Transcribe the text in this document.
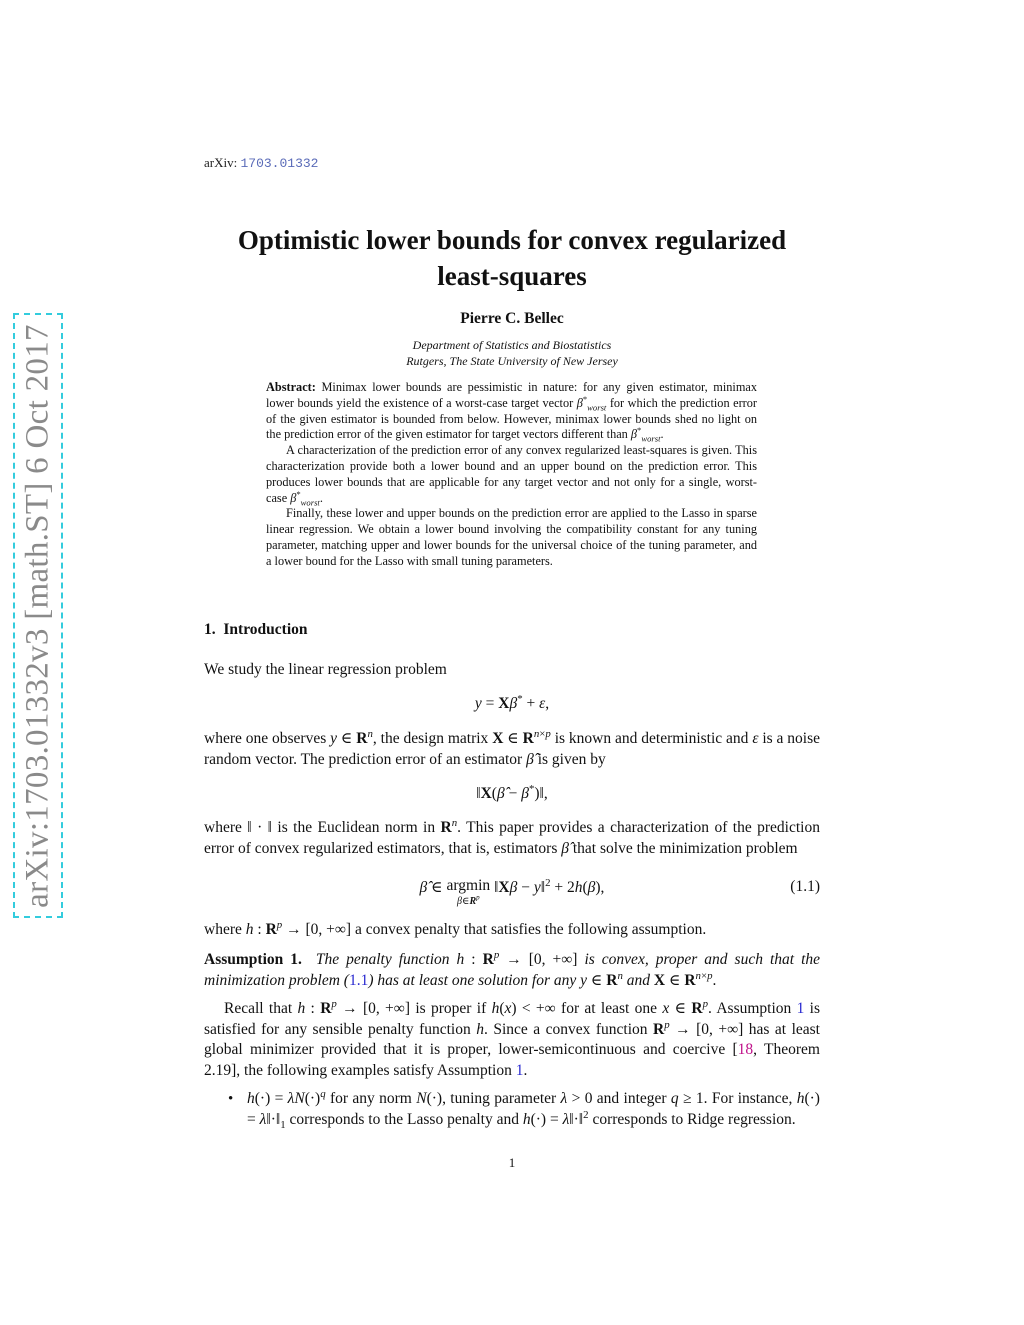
arXiv:1703.01332v3 [math.ST] 6 Oct 2017
arXiv: 1703.01332
Optimistic lower bounds for convex regularized
least-squares
Pierre C. Bellec
Department of Statistics and Biostatistics
Rutgers, The State University of New Jersey

Abstract: Minimax lower bounds are pessimistic in nature: for any given estimator, minimax lower bounds yield the existence of a worst-case target vector $\beta^*_{worst}$ for which the prediction error of the given estimator is bounded from below. However, minimax lower bounds shed no light on the prediction error of the given estimator for target vectors different than $\beta^*_{worst}$.

A characterization of the prediction error of any convex regularized least-squares is given. This characterization provide both a lower bound and an upper bound on the prediction error. This produces lower bounds that are applicable for any target vector and not only for a single, worst-case $\beta^*_{worst}$.

Finally, these lower and upper bounds on the prediction error are applied to the Lasso in sparse linear regression. We obtain a lower bound involving the compatibility constant for any tuning parameter, matching upper and lower bounds for the universal choice of the tuning parameter, and a lower bound for the Lasso with small tuning parameters.

1. Introduction
We study the linear regression problem
y = Xβ* + ε,
where one observes y ∈ $R^n$, the design matrix X ∈ $R^{n\times p}$ is known and deterministic and ε is a noise random vector. The prediction error of an estimator β̂ is given by
‖X(β̂ − β*)‖,
where ‖ · ‖ is the Euclidean norm in $R^n$. This paper provides a characterization of the prediction error of convex regularized estimators, that is, estimators β̂ that solve the minimization problem
β̂ ∈ argmin
$\beta\in R^p$
‖Xβ − y‖$^2$ + 2h(β),	(1.1)
where h : $R^p \to [0$, +∞] a convex penalty that satisfies the following assumption.
Assumption 1. The penalty function h : $R^p \to [0$, +∞] is convex, proper and such that the minimization problem (1.1) has at least one solution for any y ∈ $R^n$ and X ∈ $R^{n\times p}$.
Recall that h : $R^p \to [0$, +∞] is proper if h(x) < +∞ for at least one x ∈ $R^p$. Assumption 1 is satisfied for any sensible penalty function h. Since a convex function $R^p \to [0$, +∞] has at least global minimizer provided that it is proper, lower-semicontinuous and coercive [18, Theorem 2.19], the following examples satisfy Assumption 1.
• $h(\cdot) = \lambda N(\cdot)^q$ for any norm N(·), tuning parameter λ > 0 and integer q ≥ 1. For instance, $h(\cdot) = \lambda‖\cdot‖_1$ corresponds to the Lasso penalty and h(·) = λ‖·‖$^2$ corresponds to Ridge regression.
1
